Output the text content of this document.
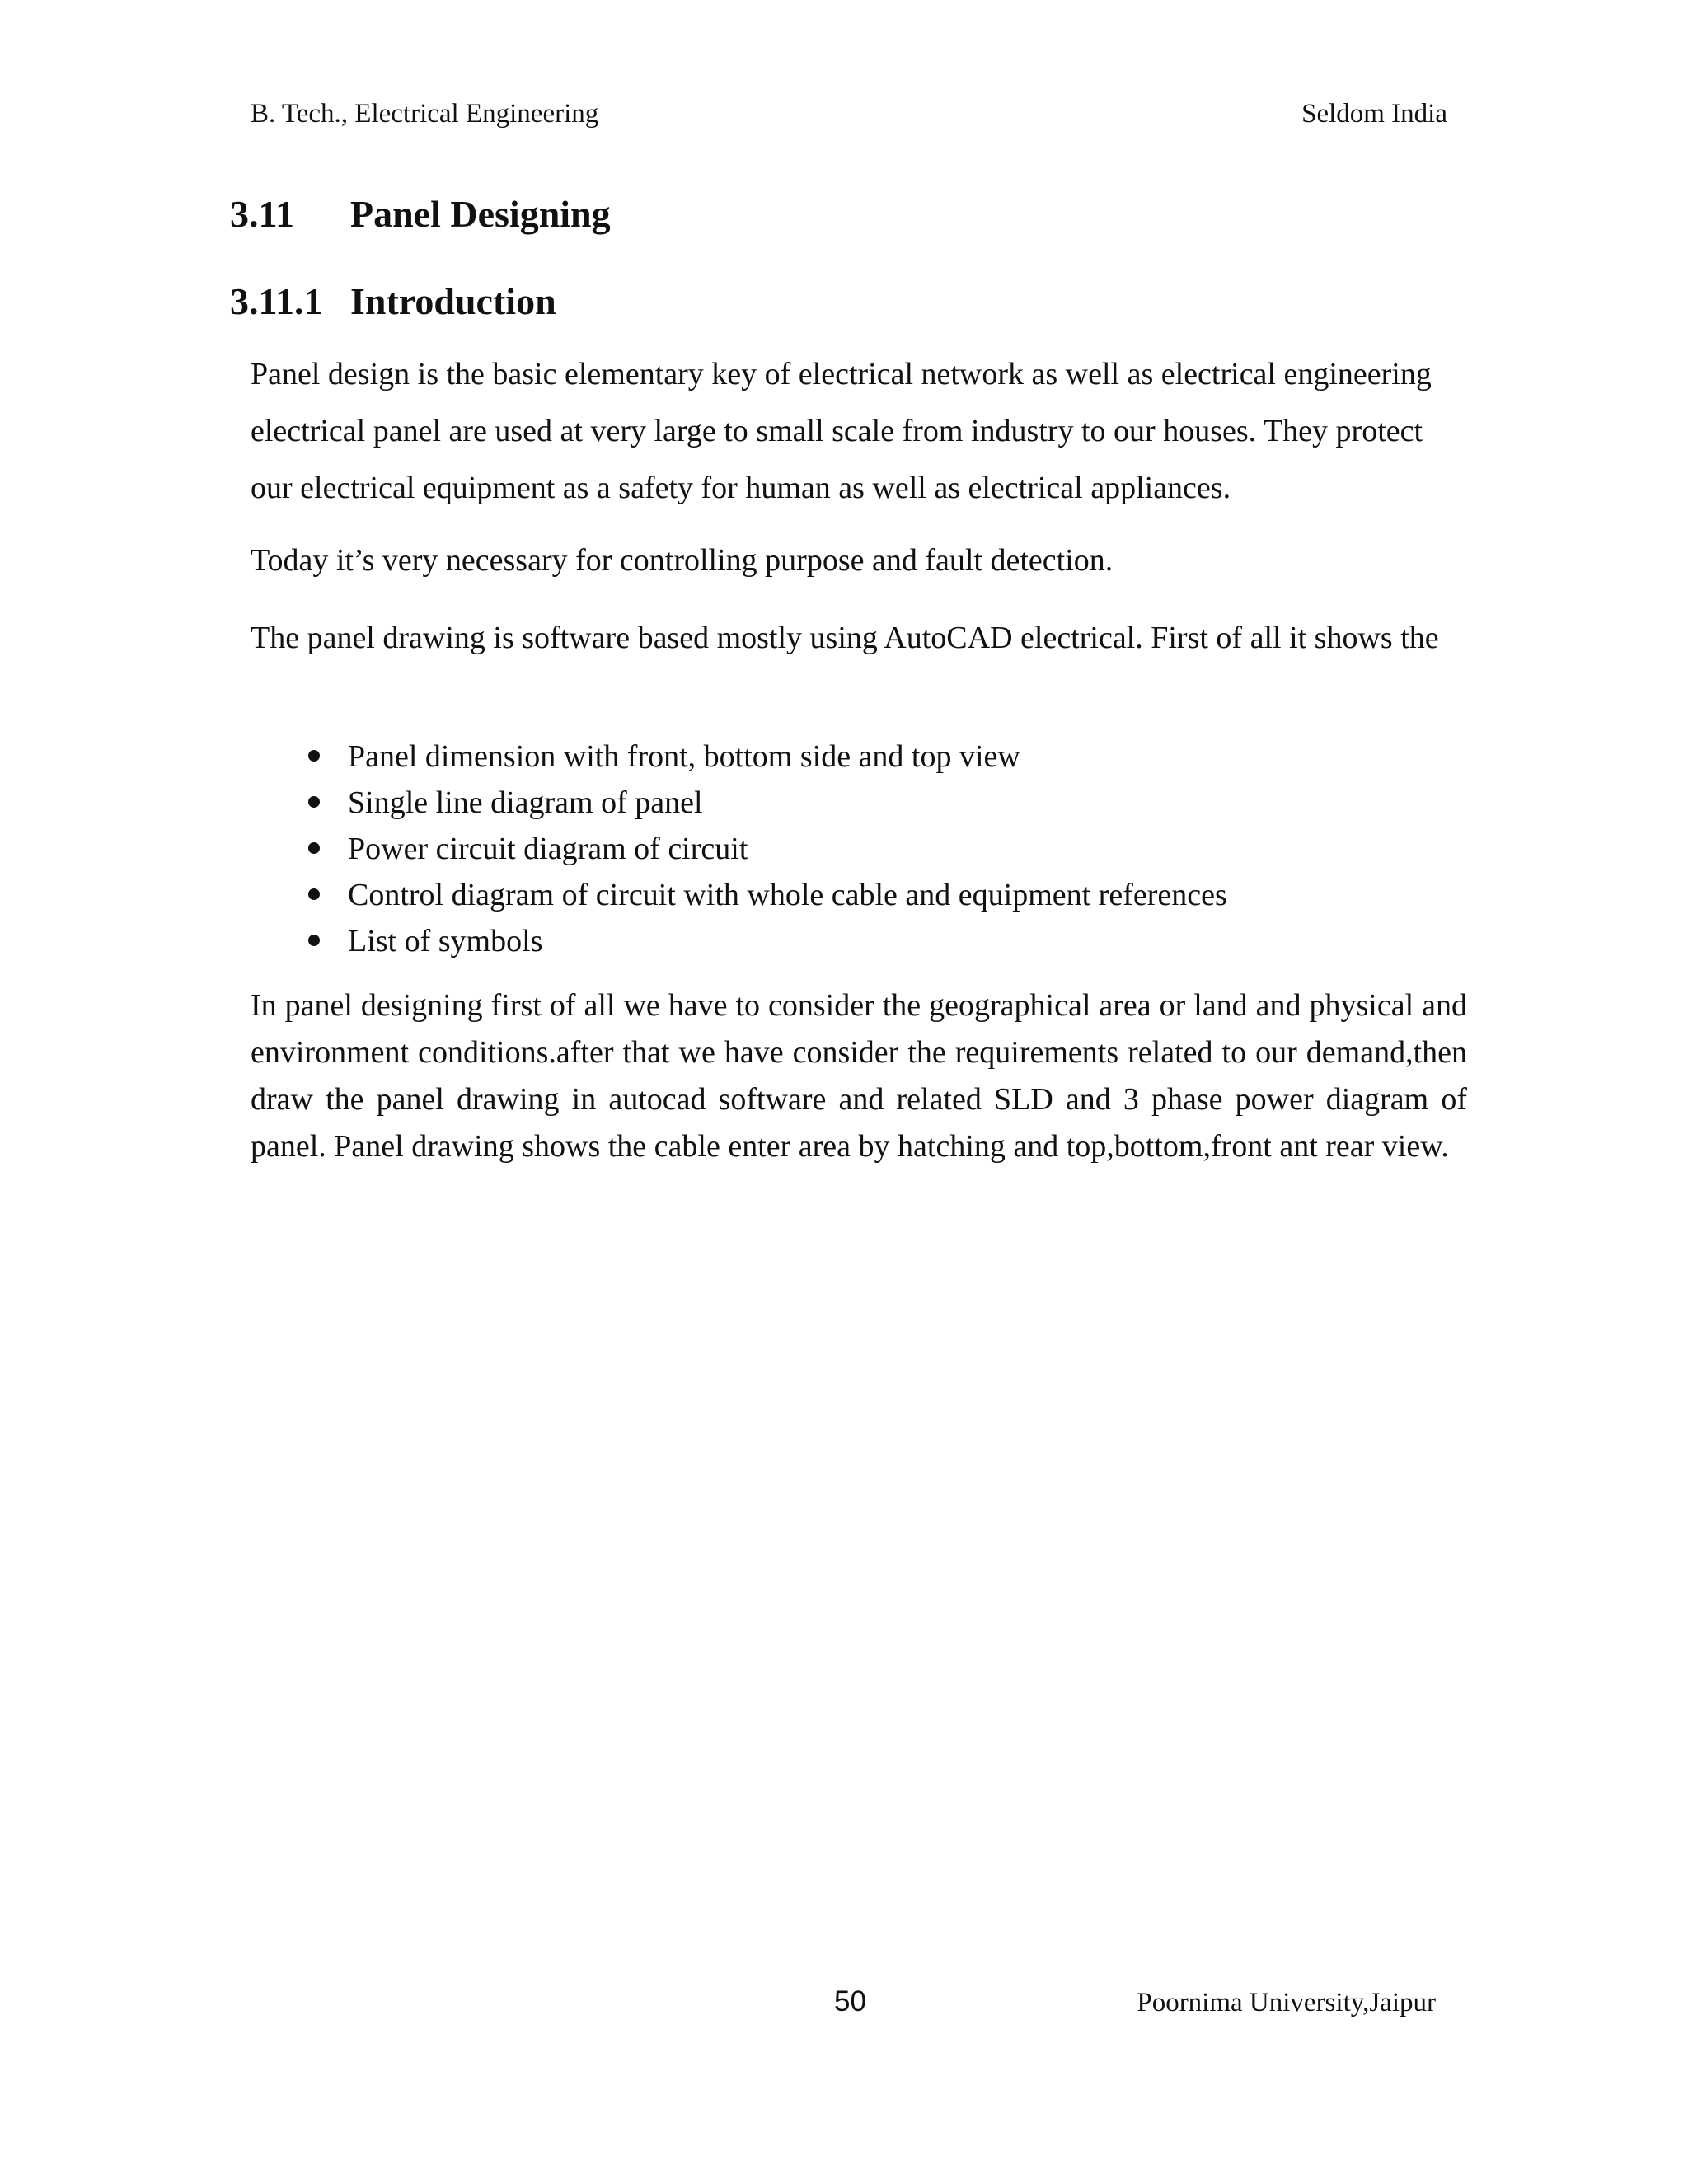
B. Tech., Electrical Engineering	Seldom India
3.11 Panel Designing
3.11.1 Introduction

Panel design is the basic elementary key of electrical network as well as electrical engineering electrical panel are used at very large to small scale from industry to our houses. They protect our electrical equipment as a safety for human as well as electrical appliances.

Today it’s very necessary for controlling purpose and fault detection.

The panel drawing is software based mostly using AutoCAD electrical. First of all it shows the

Panel dimension with front, bottom side and top view
Single line diagram of panel
Power circuit diagram of circuit
Control diagram of circuit with whole cable and equipment references
List of symbols

In panel designing first of all we have to consider the geographical area or land and physical and environment conditions.after that we have consider the requirements related to our demand,then draw the panel drawing in autocad software and related SLD and 3 phase power diagram of panel. Panel drawing shows the cable enter area by hatching and top,bottom,front ant rear view.

50	Poornima University,Jaipur
